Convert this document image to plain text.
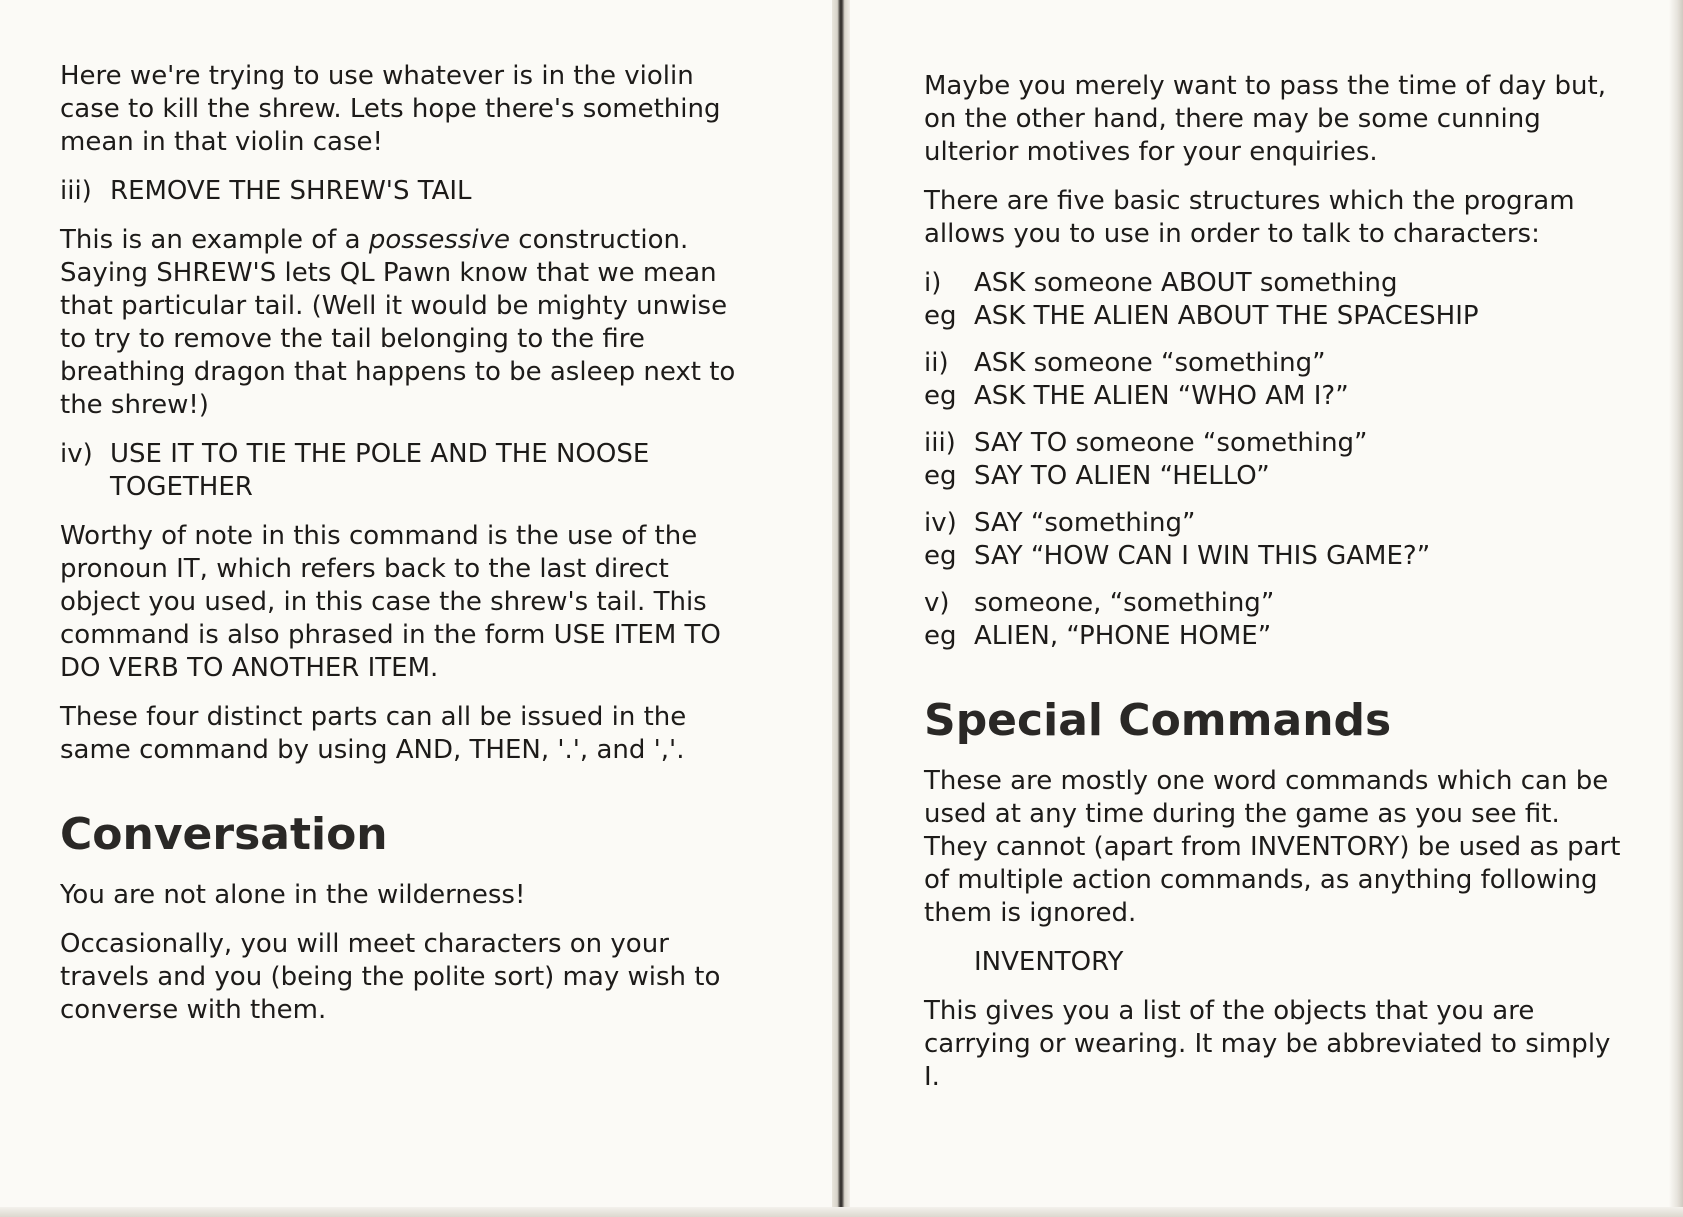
Here we're trying to use whatever is in the violin case to kill the shrew. Lets hope there's something mean in that violin case!

iii) REMOVE THE SHREW'S TAIL

This is an example of a possessive construction. Saying SHREW'S lets QL Pawn know that we mean that particular tail. (Well it would be mighty unwise to try to remove the tail belonging to the fire breathing dragon that happens to be asleep next to the shrew!)

iv) USE IT TO TIE THE POLE AND THE NOOSE TOGETHER

Worthy of note in this command is the use of the pronoun IT, which refers back to the last direct object you used, in this case the shrew's tail. This command is also phrased in the form USE ITEM TO DO VERB TO ANOTHER ITEM.

These four distinct parts can all be issued in the same command by using AND, THEN, '.', and ','.

Conversation

You are not alone in the wilderness!

Occasionally, you will meet characters on your travels and you (being the polite sort) may wish to converse with them.

Maybe you merely want to pass the time of day but, on the other hand, there may be some cunning ulterior motives for your enquiries.

There are five basic structures which the program allows you to use in order to talk to characters:

i)	ASK someone ABOUT something
eg ASK THE ALIEN ABOUT THE SPACESHIP
ii) ASK someone “something”
eg ASK THE ALIEN “WHO AM I?”
iii) SAY TO someone “something”
eg SAY TO ALIEN “HELLO”
iv) SAY “something”
eg SAY “HOW CAN I WIN THIS GAME?”
v) someone, “something”
eg ALIEN, “PHONE HOME”
Special Commands

These are mostly one word commands which can be used at any time during the game as you see fit. They cannot (apart from INVENTORY) be used as part of multiple action commands, as anything following them is ignored.

INVENTORY

This gives you a list of the objects that you are carrying or wearing. It may be abbreviated to simply I.
